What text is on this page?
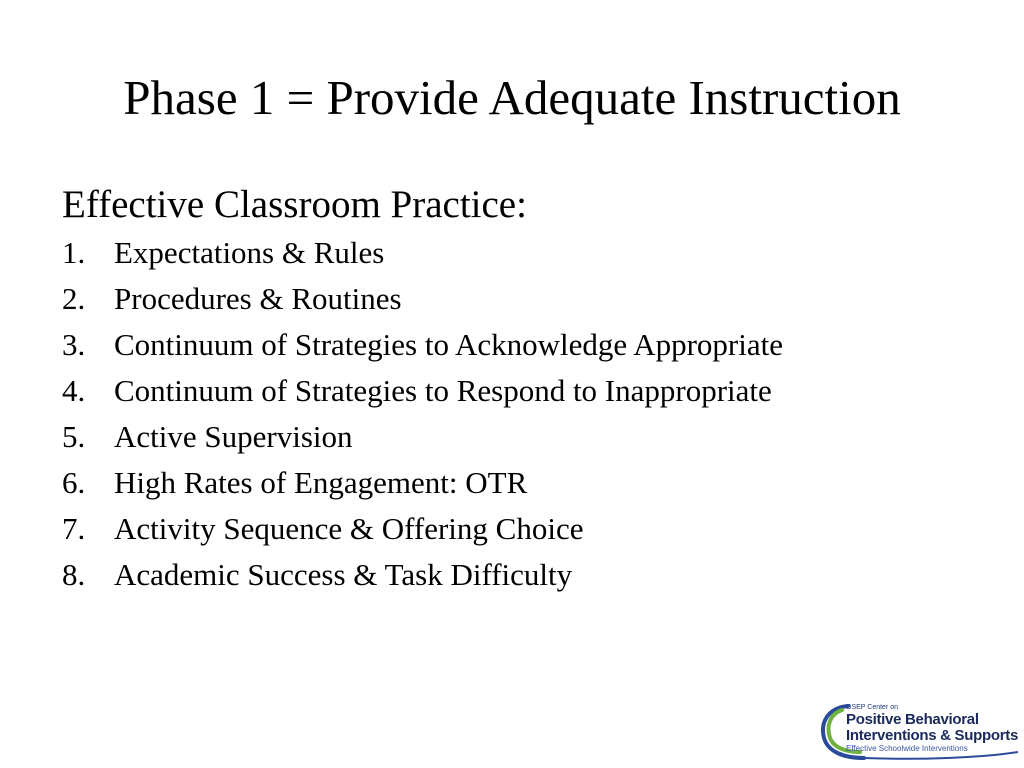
Phase 1 = Provide Adequate Instruction
Effective Classroom Practice:
1. Expectations & Rules
2. Procedures & Routines
3. Continuum of Strategies to Acknowledge Appropriate
4. Continuum of Strategies to Respond to Inappropriate
5. Active Supervision
6. High Rates of Engagement: OTR
7. Activity Sequence & Offering Choice
8. Academic Success & Task Difficulty
OSEP Center on
Positive Behavioral
Interventions & Supports
Effective Schoolwide Interventions
